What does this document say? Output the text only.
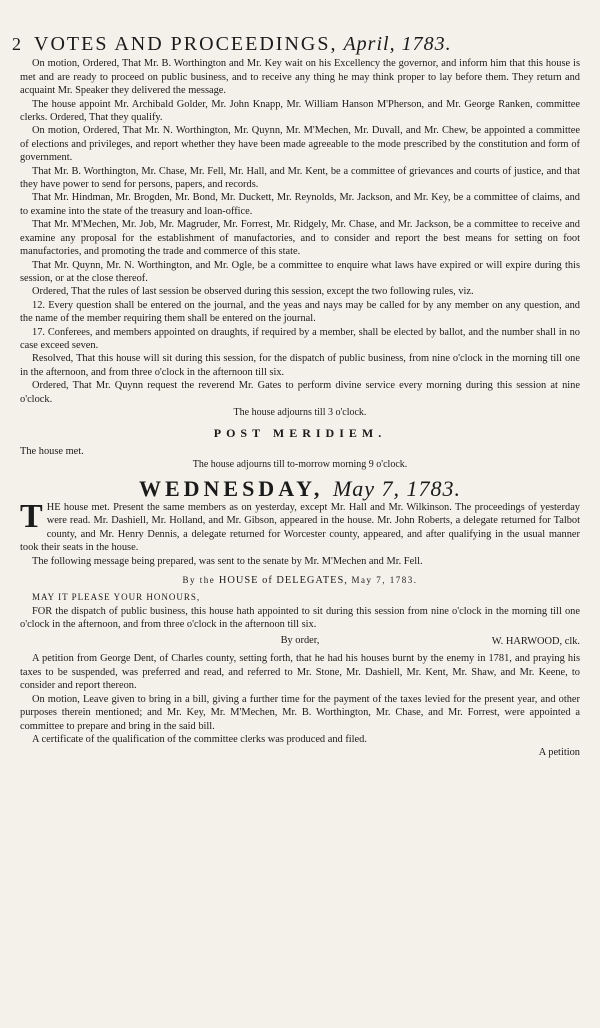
2 VOTES AND PROCEEDINGS,
April, 1783.

On motion, Ordered, That Mr. B. Worthington and Mr. Key wait on his Excellency the governor, and inform him that this house is met and are ready to proceed on public business, and to receive any thing he may think proper to lay before them. They return and acquaint Mr. Speaker they delivered the message.

The house appoint Mr. Archibald Golder, Mr. John Knapp, Mr. William Hanson M'Pherson, and Mr. George Ranken, committee clerks. Ordered, That they qualify.

On motion, Ordered, That Mr. N. Worthington, Mr. Quynn, Mr. M'Mechen, Mr. Duvall, and Mr. Chew, be appointed a committee of elections and privileges, and report whether they have been made agreeable to the mode prescribed by the constitution and form of government.

That Mr. B. Worthington, Mr. Chase, Mr. Fell, Mr. Hall, and Mr. Kent, be a committee of grievances and courts of justice, and that they have power to send for persons, papers, and records.

That Mr. Hindman, Mr. Brogden, Mr. Bond, Mr. Duckett, Mr. Reynolds, Mr. Jackson, and Mr. Key, be a committee of claims, and to examine into the state of the treasury and loan-office.

That Mr. M'Mechen, Mr. Job, Mr. Magruder, Mr. Forrest, Mr. Ridgely, Mr. Chase, and Mr. Jackson, be a committee to receive and examine any proposal for the establishment of manufactories, and to consider and report the best means for setting on foot manufactories, and promoting the trade and commerce of this state.

That Mr. Quynn, Mr. N. Worthington, and Mr. Ogle, be a committee to enquire what laws have expired or will expire during this session, or at the close thereof.

Ordered, That the rules of last session be observed during this session, except the two following rules, viz.

12. Every question shall be entered on the journal, and the yeas and nays may be called for by any member on any question, and the name of the member requiring them shall be entered on the journal.

17. Conferees, and members appointed on draughts, if required by a member, shall be elected by ballot, and the number shall in no case exceed seven.

Resolved, That this house will sit during this session, for the dispatch of public business, from nine o'clock in the morning till one in the afternoon, and from three o'clock in the afternoon till six.

Ordered, That Mr. Quynn request the reverend Mr. Gates to perform divine service every morning during this session at nine o'clock.

The house adjourns till 3 o'clock.

POST MERIDIEM.

The house met.

The house adjourns till to-morrow morning 9 o'clock.

WEDNESDAY, May 7, 1783.

THE house met. Present the same members as on yesterday, except Mr. Hall and Mr. Wilkinson. The proceedings of yesterday were read. Mr. Dashiell, Mr. Holland, and Mr. Gibson, appeared in the house. Mr. John Roberts, a delegate returned for Talbot county, and Mr. Henry Dennis, a delegate returned for Worcester county, appeared, and after qualifying in the usual manner took their seats in the house.

The following message being prepared, was sent to the senate by Mr. M'Mechen and Mr. Fell.

By the HOUSE of DELEGATES, May 7, 1783.

MAY IT PLEASE YOUR HONOURS,

FOR the dispatch of public business, this house hath appointed to sit during this session from nine o'clock in the morning till one o'clock in the afternoon, and from three o'clock in the afternoon till six.

By order,	W. HARWOOD, clk.

A petition from George Dent, of Charles county, setting forth, that he had his houses burnt by the enemy in 1781, and praying his taxes to be suspended, was preferred and read, and referred to Mr. Stone, Mr. Dashiell, Mr. Kent, Mr. Shaw, and Mr. Keene, to consider and report thereon.

On motion, Leave given to bring in a bill, giving a further time for the payment of the taxes levied for the present year, and other purposes therein mentioned; and Mr. Key, Mr. M'Mechen, Mr. B. Worthington, Mr. Chase, and Mr. Forrest, were appointed a committee to prepare and bring in the said bill.

A certificate of the qualification of the committee clerks was produced and filed.

A petition
